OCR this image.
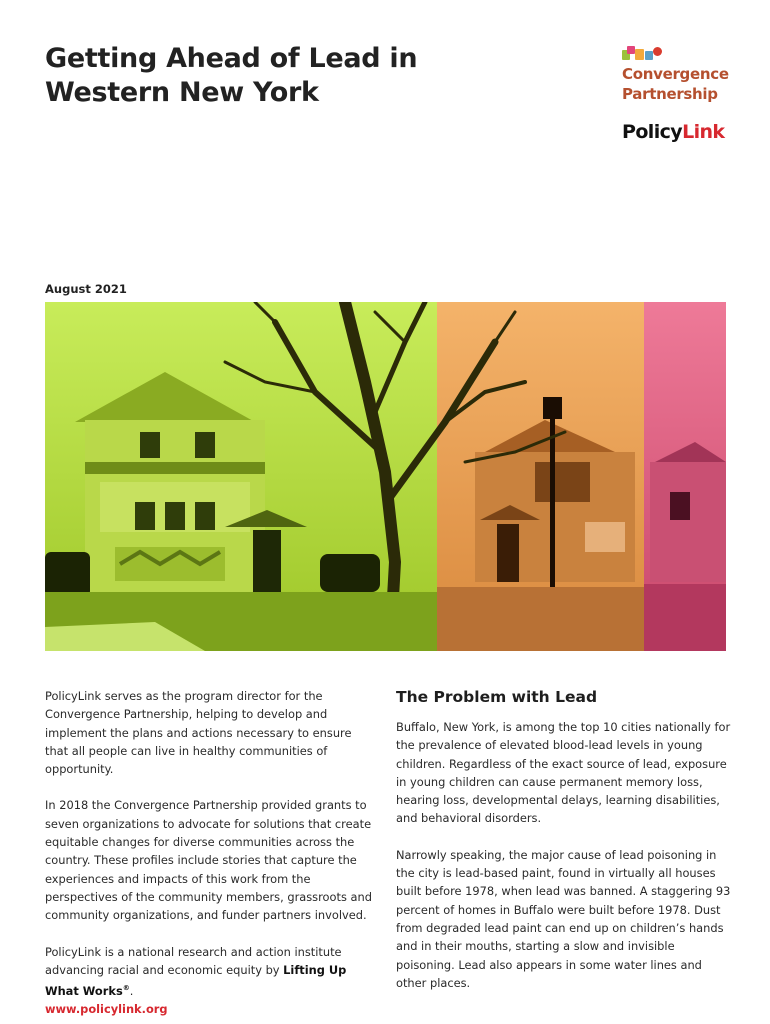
Getting Ahead of Lead in
Western New York
Convergence
Partnership
PolicyLink

August 2021

PolicyLink serves as the program director for the Convergence Partnership, helping to develop and implement the plans and actions necessary to ensure that all people can live in healthy communities of opportunity.

In 2018 the Convergence Partnership provided grants to seven organizations to advocate for solutions that create equitable changes for diverse communities across the country. These profiles include stories that capture the experiences and impacts of this work from the perspectives of the community members, grassroots and community organizations, and funder partners involved.

PolicyLink is a national research and action institute advancing racial and economic equity by Lifting Up What Works®.
www.policylink.org

The Problem with Lead

Buffalo, New York, is among the top 10 cities nationally for the prevalence of elevated blood-lead levels in young children. Regardless of the exact source of lead, exposure in young children can cause permanent memory loss, hearing loss, developmental delays, learning disabilities, and behavioral disorders.

Narrowly speaking, the major cause of lead poisoning in the city is lead-based paint, found in virtually all houses built before 1978, when lead was banned. A staggering 93 percent of homes in Buffalo were built before 1978. Dust from degraded lead paint can end up on children’s hands and in their mouths, starting a slow and invisible poisoning. Lead also appears in some water lines and other places.
